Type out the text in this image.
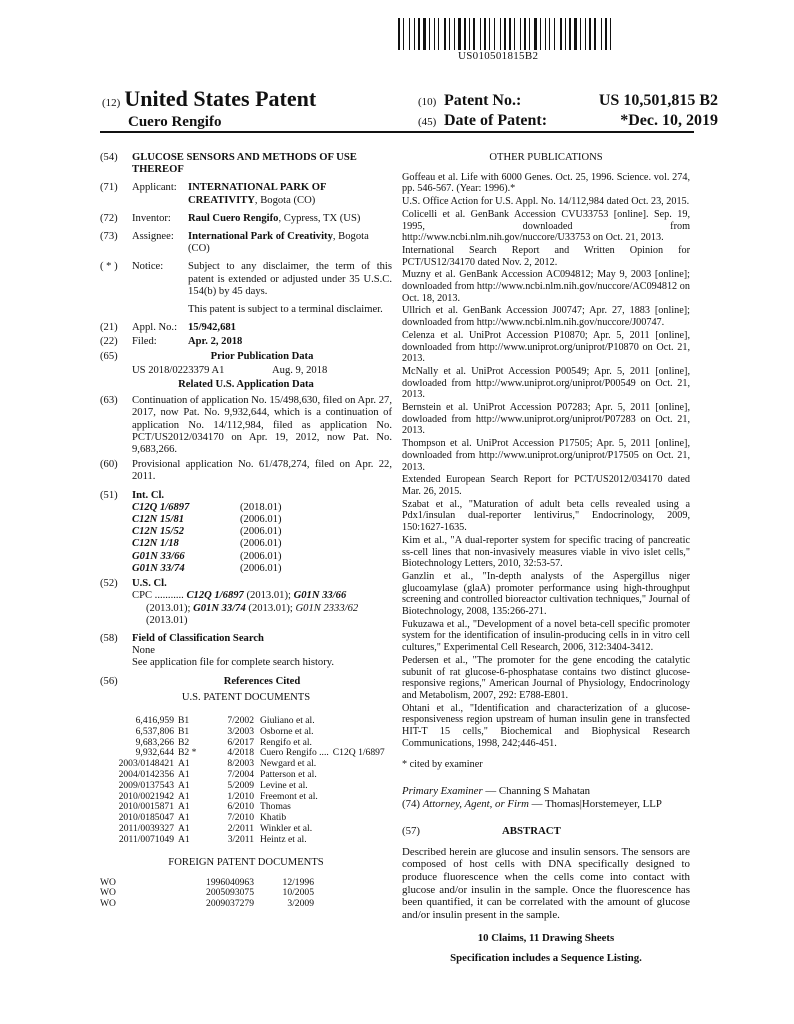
US010501815B2
(12) United States Patent
Cuero Rengifo
(10) Patent No.:	US 10,501,815 B2
(45) Date of Patent:	*Dec. 10, 2019
(54)	GLUCOSE SENSORS AND METHODS OF USE THEREOF
(71)	Applicant:	INTERNATIONAL PARK OF CREATIVITY, Bogota (CO)
(72)	Inventor:	Raul Cuero Rengifo, Cypress, TX (US)
(73)	Assignee:	International Park of Creativity, Bogota (CO)
( * )	Notice:	Subject to any disclaimer, the term of this patent is extended or adjusted under 35 U.S.C. 154(b) by 45 days.
This patent is subject to a terminal disclaimer.
(21)	Appl. No.:	15/942,681
(22)	Filed:	Apr. 2, 2018
(65)	Prior Publication Data
US 2018/0223379 A1	Aug. 9, 2018
Related U.S. Application Data
(63)	Continuation of application No. 15/498,630, filed on Apr. 27, 2017, now Pat. No. 9,932,644, which is a continuation of application No. 14/112,984, filed as application No. PCT/US2012/034170 on Apr. 19, 2012, now Pat. No. 9,683,266.
(60)	Provisional application No. 61/478,274, filed on Apr. 22, 2011.
(51)	Int. Cl.
C12Q 1/6897	(2018.01)
C12N 15/81	(2006.01)
C12N 15/52	(2006.01)
C12N 1/18	(2006.01)
G01N 33/66	(2006.01)
G01N 33/74	(2006.01)
(52)	U.S. Cl.
CPC ........... C12Q 1/6897 (2013.01); G01N 33/66
(2013.01); G01N 33/74 (2013.01); G01N 2333/62 (2013.01)
(58)	Field of Classification Search
None
See application file for complete search history.
(56)	References Cited
U.S. PATENT DOCUMENTS
6,416,959	B1	7/2002	Giuliano et al.	
6,537,806	B1	3/2003	Osborne et al.	
9,683,266	B2	6/2017	Rengifo et al.	
9,932,644	B2 *	4/2018	Cuero Rengifo ....	C12Q 1/6897
2003/0148421	A1	8/2003	Newgard et al.	
2004/0142356	A1	7/2004	Patterson et al.	
2009/0137543	A1	5/2009	Levine et al.	
2010/0021942	A1	1/2010	Freemont et al.	
2010/0015871	A1	6/2010	Thomas	
2010/0185047	A1	7/2010	Khatib	
2011/0039327	A1	2/2011	Winkler et al.	
2011/0071049	A1	3/2011	Heintz et al.	
FOREIGN PATENT DOCUMENTS
WO	1996040963	12/1996
WO	2005093075	10/2005
WO	2009037279	3/2009
OTHER PUBLICATIONS

Goffeau et al. Life with 6000 Genes. Oct. 25, 1996. Science. vol. 274, pp. 546-567. (Year: 1996).*

U.S. Office Action for U.S. Appl. No. 14/112,984 dated Oct. 23, 2015.

Colicelli et al. GenBank Accession CVU33753 [online]. Sep. 19, 1995, downloaded from http://www.ncbi.nlm.nih.gov/nuccore/U33753 on Oct. 21, 2013.

International Search Report and Written Opinion for PCT/US12/34170 dated Nov. 2, 2012.

Muzny et al. GenBank Accession AC094812; May 9, 2003 [online]; downloaded from http://www.ncbi.nlm.nih.gov/nuccore/AC094812 on Oct. 18, 2013.

Ullrich et al. GenBank Accession J00747; Apr. 27, 1883 [online]; downloaded from http://www.ncbi.nlm.nih.gov/nuccore/J00747.

Celenza et al. UniProt Accession P10870; Apr. 5, 2011 [online], downloaded from http://www.uniprot.org/uniprot/P10870 on Oct. 21, 2013.

McNally et al. UniProt Accession P00549; Apr. 5, 2011 [online], dowloaded from http://www.uniprot.org/uniprot/P00549 on Oct. 21, 2013.

Bernstein et al. UniProt Accession P07283; Apr. 5, 2011 [online], dowloaded from http://www.uniprot.org/uniprot/P07283 on Oct. 21, 2013.

Thompson et al. UniProt Accession P17505; Apr. 5, 2011 [online], downloaded from http://www.uniprot.org/uniprot/P17505 on Oct. 21, 2013.

Extended European Search Report for PCT/US2012/034170 dated Mar. 26, 2015.

Szabat et al., "Maturation of adult beta cells revealed using a Pdx1/insulan dual-reporter lentivirus," Endocrinology, 2009, 150:1627-1635.

Kim et al., "A dual-reporter system for specific tracing of pancreatic ss-cell lines that non-invasively measures viable in vivo islet cells," Biotechnology Letters, 2010, 32:53-57.

Ganzlin et al., "In-depth analysts of the Aspergillus niger glucoamylase (glaA) promoter performance using high-throughput screening and controlled bioreactor cultivation techniques," Journal of Biotechnology, 2008, 135:266-271.

Fukuzawa et al., "Development of a novel beta-cell specific promoter system for the identification of insulin-producing cells in in vitro cell cultures," Experimental Cell Research, 2006, 312:3404-3412.

Pedersen et al., "The promoter for the gene encoding the catalytic subunit of rat glucose-6-phosphatase contains two distinct glucose-responsive regions," American Journal of Physiology, Endocrinology and Metabolism, 2007, 292: E788-E801.

Ohtani et al., "Identification and characterization of a glucose-responsiveness region upstream of human insulin gene in transfected HIT-T 15 cells," Biochemical and Biophysical Research Communications, 1998, 242;446-451.

* cited by examiner
Primary Examiner — Channing S Mahatan
(74) Attorney, Agent, or Firm — Thomas|Horstemeyer, LLP
(57)	ABSTRACT
Described herein are glucose and insulin sensors. The sensors are composed of host cells with DNA specifically designed to produce fluorescence when the cells come into contact with glucose and/or insulin in the sample. Once the fluorescence has been quantified, it can be correlated with the amount of glucose and/or insulin present in the sample.
10 Claims, 11 Drawing Sheets
Specification includes a Sequence Listing.
